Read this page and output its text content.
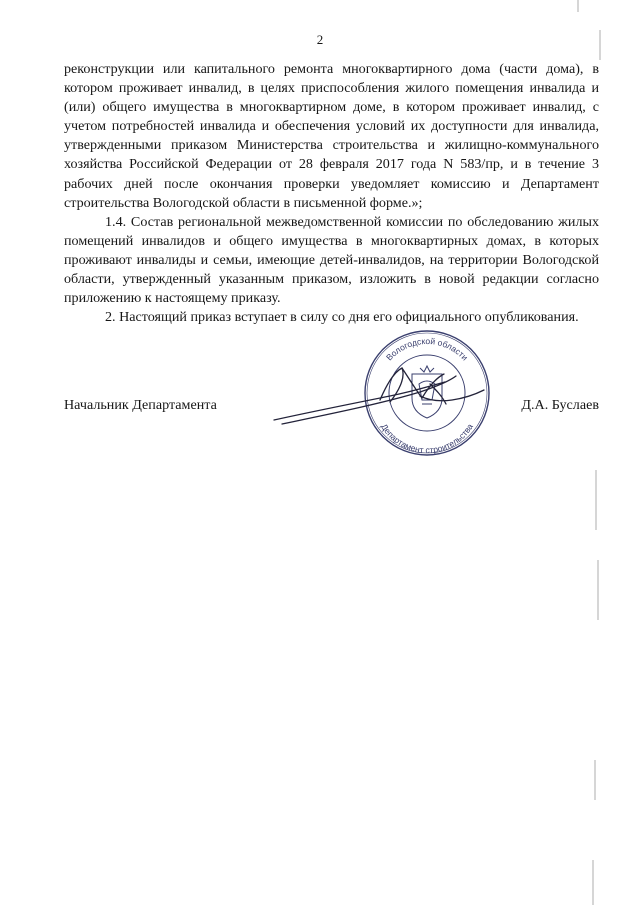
2

реконструкции или капитального ремонта многоквартирного дома (части дома), в котором проживает инвалид, в целях приспособления жилого помещения инвалида и (или) общего имущества в многоквартирном доме, в котором проживает инвалид, с учетом потребностей инвалида и обеспечения условий их доступности для инвалида, утвержденными приказом Министерства строительства и жилищно-коммунального хозяйства Российской Федерации от 28 февраля 2017 года N 583/пр, и в течение 3 рабочих дней после окончания проверки уведомляет комиссию и Департамент строительства Вологодской области в письменной форме.»;

1.4. Состав региональной межведомственной комиссии по обследованию жилых помещений инвалидов и общего имущества в многоквартирных домах, в которых проживают инвалиды и семьи, имеющие детей-инвалидов, на территории Вологодской области, утвержденный указанным приказом, изложить в новой редакции согласно приложению к настоящему приказу.

2. Настоящий приказ вступает в силу со дня его официального опубликования.

Вологодской области
Департамент строительства
Начальник Департамента	Д.А. Буслаев
